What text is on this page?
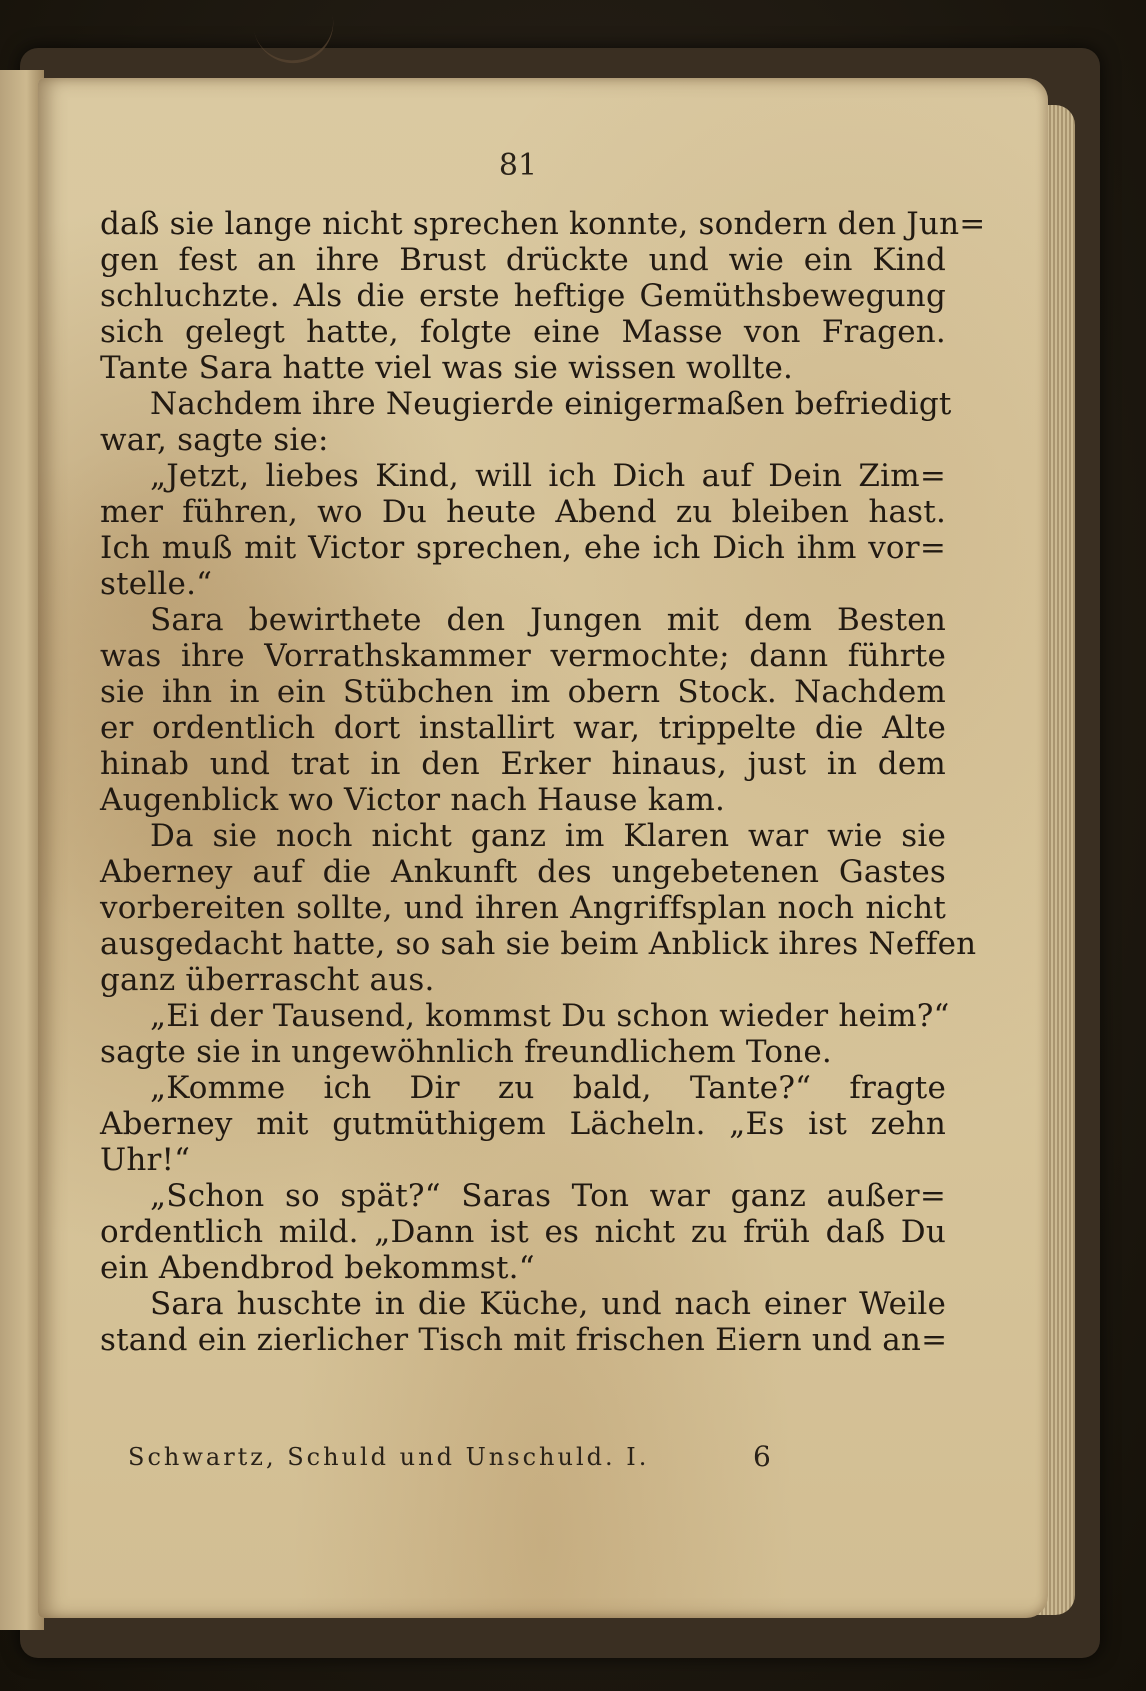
81
daß sie lange nicht sprechen konnte, sondern den Jun=
gen fest an ihre Brust drückte und wie ein Kind
schluchzte. Als die erste heftige Gemüthsbewegung
sich gelegt hatte, folgte eine Masse von Fragen.
Tante Sara hatte viel was sie wissen wollte.
Nachdem ihre Neugierde einigermaßen befriedigt
war, sagte sie:
„Jetzt, liebes Kind, will ich Dich auf Dein Zim=
mer führen, wo Du heute Abend zu bleiben hast.
Ich muß mit Victor sprechen, ehe ich Dich ihm vor=
stelle.“
Sara bewirthete den Jungen mit dem Besten
was ihre Vorrathskammer vermochte; dann führte
sie ihn in ein Stübchen im obern Stock. Nachdem
er ordentlich dort installirt war, trippelte die Alte
hinab und trat in den Erker hinaus, just in dem
Augenblick wo Victor nach Hause kam.
Da sie noch nicht ganz im Klaren war wie sie
Aberney auf die Ankunft des ungebetenen Gastes
vorbereiten sollte, und ihren Angriffsplan noch nicht
ausgedacht hatte, so sah sie beim Anblick ihres Neffen
ganz überrascht aus.
„Ei der Tausend, kommst Du schon wieder heim?“
sagte sie in ungewöhnlich freundlichem Tone.
„Komme ich Dir zu bald, Tante?“ fragte
Aberney mit gutmüthigem Lächeln. „Es ist zehn
Uhr!“
„Schon so spät?“ Saras Ton war ganz außer=
ordentlich mild. „Dann ist es nicht zu früh daß Du
ein Abendbrod bekommst.“
Sara huschte in die Küche, und nach einer Weile
stand ein zierlicher Tisch mit frischen Eiern und an=
Schwartz, Schuld und Unschuld. I.	6
